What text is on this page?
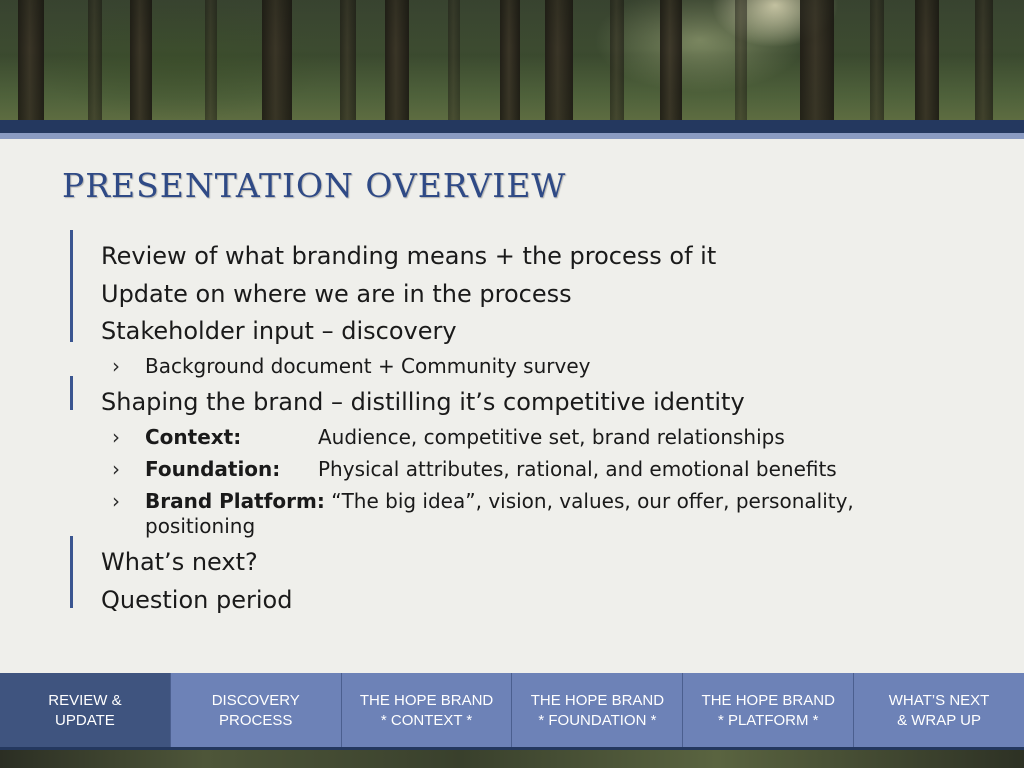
PRESENTATION OVERVIEW
Review of what branding means + the process of it
Update on where we are in the process
Stakeholder input – discovery
› Background document + Community survey
Shaping the brand – distilling it’s competitive identity
› Context:	Audience, competitive set, brand relationships
› Foundation: Physical attributes, rational, and emotional benefits
› Brand Platform: “The big idea”, vision, values, our offer, personality,
positioning
What’s next?
Question period
REVIEW &
UPDATE
DISCOVERY
PROCESS
THE HOPE BRAND
* CONTEXT *
THE HOPE BRAND
* FOUNDATION *
THE HOPE BRAND
* PLATFORM *
WHAT’S NEXT
& WRAP UP
